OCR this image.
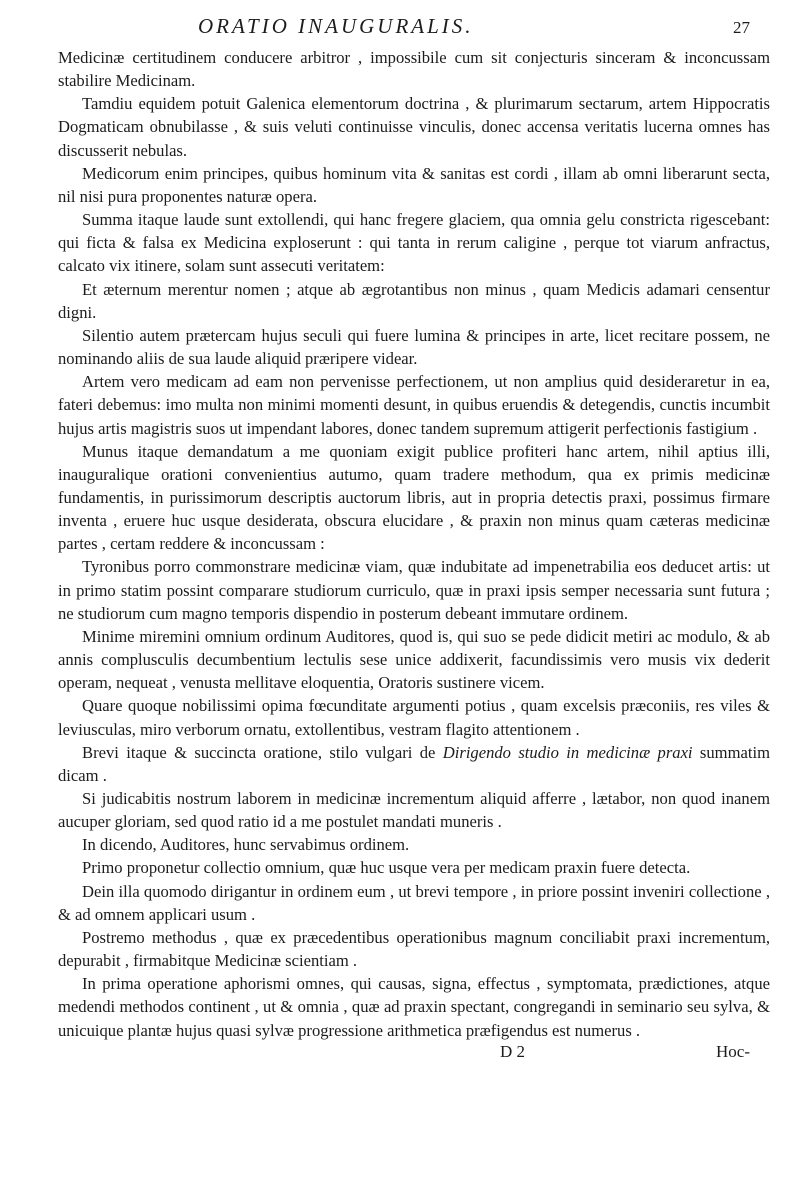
ORATIO INAUGURALIS.	27

Medicinæ certitudinem conducere arbitror , impossibile cum sit conjecturis sinceram & inconcussam stabilire Medicinam.

Tamdiu equidem potuit Galenica elementorum doctrina , & plurimarum sectarum, artem Hippocratis Dogmaticam obnubilasse , & suis veluti continuisse vinculis, donec accensa veritatis lucerna omnes has discusserit nebulas.

Medicorum enim principes, quibus hominum vita & sanitas est cordi , illam ab omni liberarunt secta, nil nisi pura proponentes naturæ opera.

Summa itaque laude sunt extollendi, qui hanc fregere glaciem, qua omnia gelu constricta rigescebant: qui ficta & falsa ex Medicina exploserunt : qui tanta in rerum caligine , perque tot viarum anfractus, calcato vix itinere, solam sunt assecuti veritatem:

Et æternum merentur nomen ; atque ab ægrotantibus non minus , quam Medicis adamari censentur digni.

Silentio autem prætercam hujus seculi qui fuere lumina & principes in arte, licet recitare possem, ne nominando aliis de sua laude aliquid præripere videar.

Artem vero medicam ad eam non pervenisse perfectionem, ut non amplius quid desideraretur in ea, fateri debemus: imo multa non minimi momenti desunt, in quibus eruendis & detegendis, cunctis incumbit hujus artis magistris suos ut impendant labores, donec tandem supremum attigerit perfectionis fastigium .

Munus itaque demandatum a me quoniam exigit publice profiteri hanc artem, nihil aptius illi, inauguralique orationi convenientius autumo, quam tradere methodum, qua ex primis medicinæ fundamentis, in purissimorum descriptis auctorum libris, aut in propria detectis praxi, possimus firmare inventa , eruere huc usque desiderata, obscura elucidare , & praxin non minus quam cæteras medicinæ partes , certam reddere & inconcussam :

Tyronibus porro commonstrare medicinæ viam, quæ indubitate ad impenetrabilia eos deducet artis: ut in primo statim possint comparare studiorum curriculo, quæ in praxi ipsis semper necessaria sunt futura ; ne studiorum cum magno temporis dispendio in posterum debeant immutare ordinem.

Minime miremini omnium ordinum Auditores, quod is, qui suo se pede didicit metiri ac modulo, & ab annis complusculis decumbentium lectulis sese unice addixerit, facundissimis vero musis vix dederit operam, nequeat , venusta mellitave eloquentia, Oratoris sustinere vicem.

Quare quoque nobilissimi opima fœcunditate argumenti potius , quam excelsis præconiis, res viles & leviusculas, miro verborum ornatu, extollentibus, vestram flagito attentionem .

Brevi itaque & succincta oratione, stilo vulgari de Dirigendo studio in medicinæ praxi summatim dicam .

Si judicabitis nostrum laborem in medicinæ incrementum aliquid afferre , lætabor, non quod inanem aucuper gloriam, sed quod ratio id a me postulet mandati muneris .

In dicendo, Auditores, hunc servabimus ordinem.

Primo proponetur collectio omnium, quæ huc usque vera per medicam praxin fuere detecta.

Dein illa quomodo dirigantur in ordinem eum , ut brevi tempore , in priore possint inveniri collectione , & ad omnem applicari usum .

Postremo methodus , quæ ex præcedentibus operationibus magnum conciliabit praxi incrementum, depurabit , firmabitque Medicinæ scientiam .

In prima operatione aphorismi omnes, qui causas, signa, effectus , symptomata, prædictiones, atque medendi methodos continent , ut & omnia , quæ ad praxin spectant, congregandi in seminario seu sylva, & unicuique plantæ hujus quasi sylvæ progressione arithmetica præfigendus est numerus .

D 2	Hoc-
